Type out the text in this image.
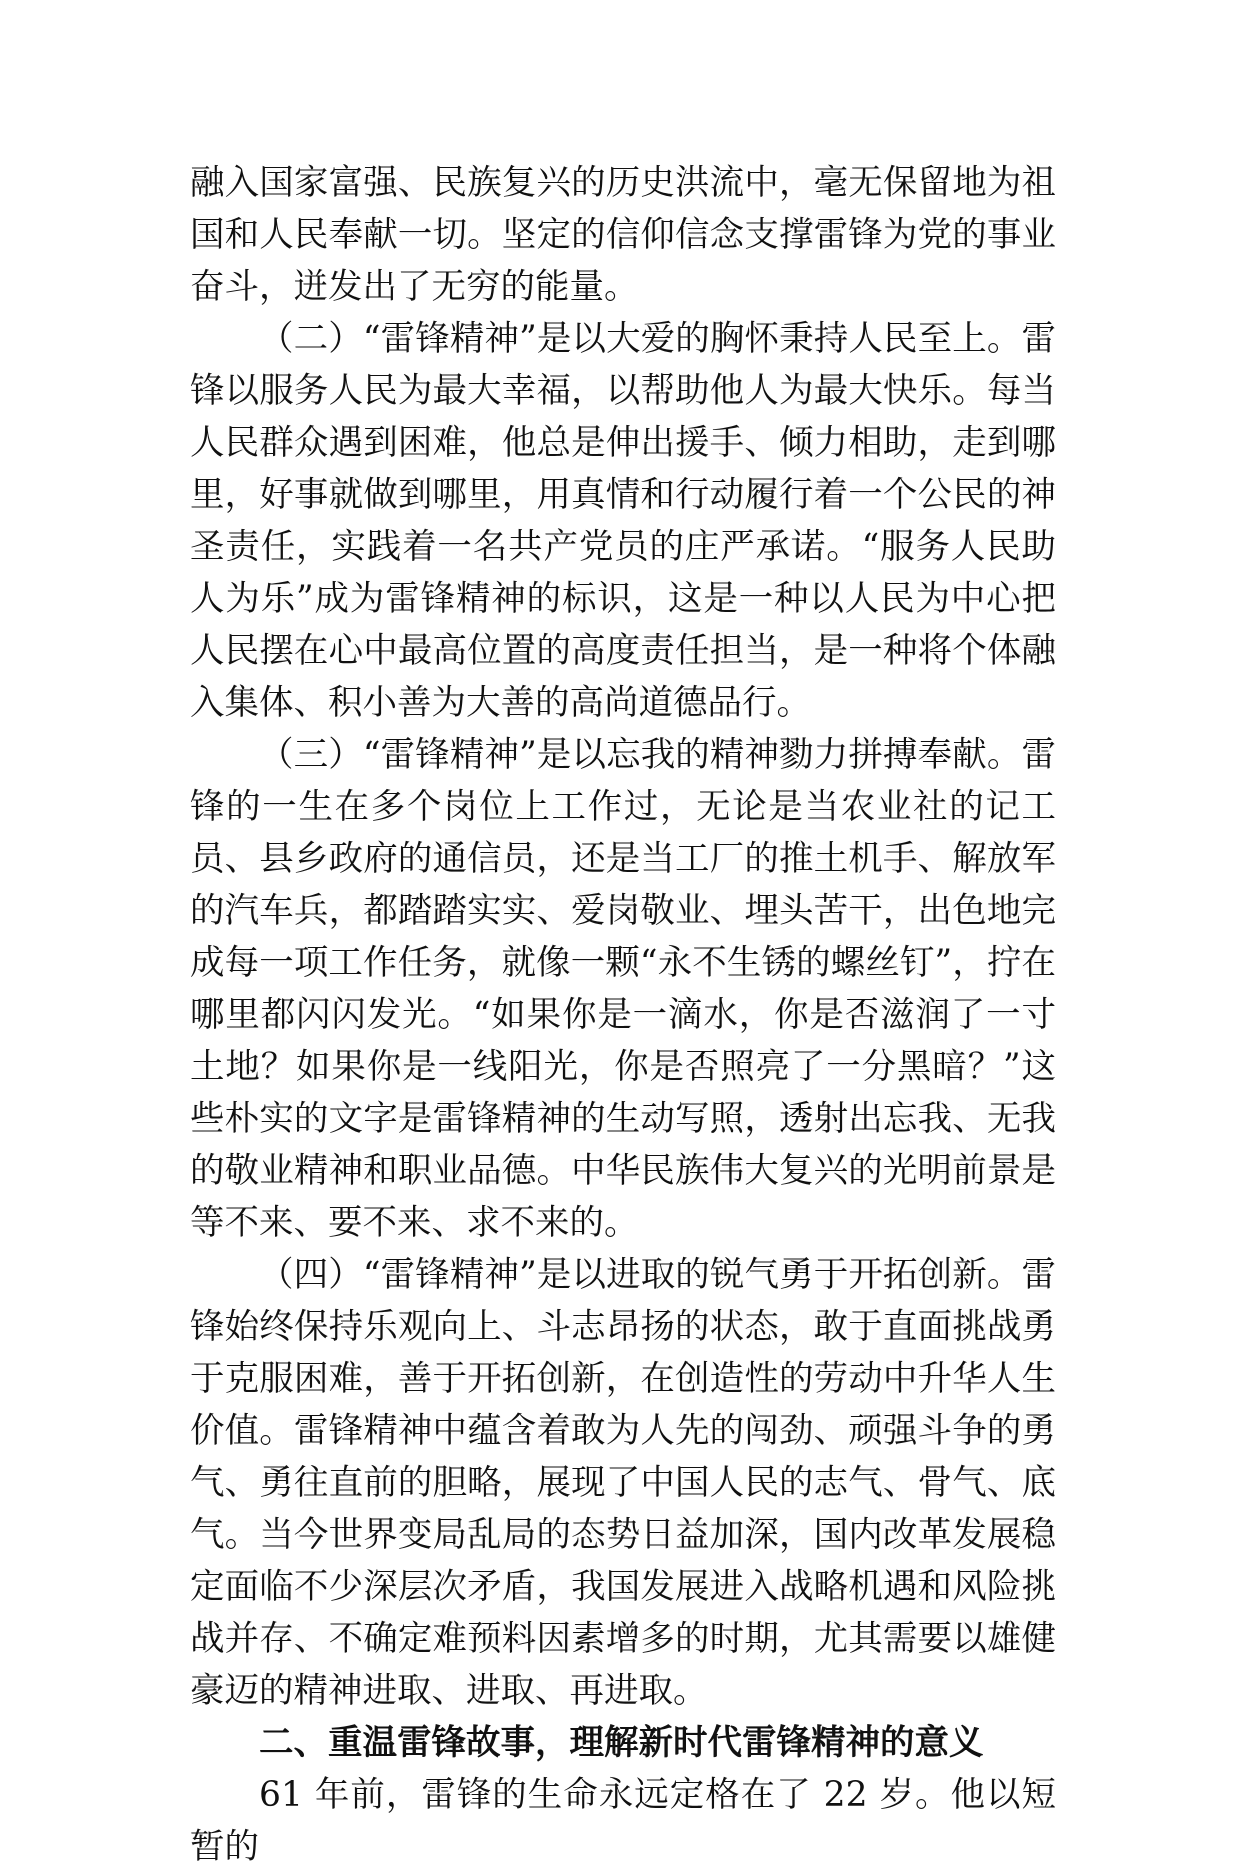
融入国家富强、民族复兴的历史洪流中，毫无保留地为祖国和人民奉献一切。坚定的信仰信念支撑雷锋为党的事业奋斗，迸发出了无穷的能量。

（二）“雷锋精神”是以大爱的胸怀秉持人民至上。雷锋以服务人民为最大幸福，以帮助他人为最大快乐。每当人民群众遇到困难，他总是伸出援手、倾力相助，走到哪里，好事就做到哪里，用真情和行动履行着一个公民的神圣责任，实践着一名共产党员的庄严承诺。“服务人民助人为乐”成为雷锋精神的标识，这是一种以人民为中心把人民摆在心中最高位置的高度责任担当，是一种将个体融入集体、积小善为大善的高尚道德品行。

（三）“雷锋精神”是以忘我的精神勠力拼搏奉献。雷锋的一生在多个岗位上工作过，无论是当农业社的记工员、县乡政府的通信员，还是当工厂的推土机手、解放军的汽车兵，都踏踏实实、爱岗敬业、埋头苦干，出色地完成每一项工作任务，就像一颗“永不生锈的螺丝钉”，拧在哪里都闪闪发光。“如果你是一滴水，你是否滋润了一寸土地？如果你是一线阳光，你是否照亮了一分黑暗？”这些朴实的文字是雷锋精神的生动写照，透射出忘我、无我的敬业精神和职业品德。中华民族伟大复兴的光明前景是等不来、要不来、求不来的。

（四）“雷锋精神”是以进取的锐气勇于开拓创新。雷锋始终保持乐观向上、斗志昂扬的状态，敢于直面挑战勇于克服困难，善于开拓创新，在创造性的劳动中升华人生价值。雷锋精神中蕴含着敢为人先的闯劲、顽强斗争的勇气、勇往直前的胆略，展现了中国人民的志气、骨气、底气。当今世界变局乱局的态势日益加深，国内改革发展稳定面临不少深层次矛盾，我国发展进入战略机遇和风险挑战并存、不确定难预料因素增多的时期，尤其需要以雄健豪迈的精神进取、进取、再进取。

二、重温雷锋故事，理解新时代雷锋精神的意义

61 年前，雷锋的生命永远定格在了 22 岁。他以短暂的
